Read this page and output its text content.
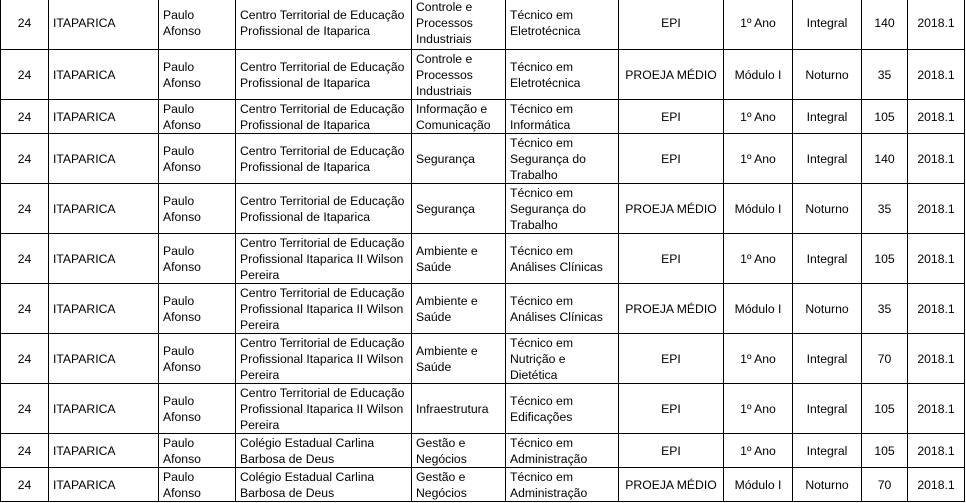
24	ITAPARICA	Paulo Afonso	Centro Territorial de Educação Profissional de Itaparica	Controle e Processos Industriais	Técnico em Eletrotécnica	EPI	1º Ano	Integral	140	2018.1
24	ITAPARICA	Paulo Afonso	Centro Territorial de Educação Profissional de Itaparica	Controle e Processos Industriais	Técnico em Eletrotécnica	PROEJA MÉDIO	Módulo I	Noturno	35	2018.1
24	ITAPARICA	Paulo Afonso	Centro Territorial de Educação Profissional de Itaparica	Informação e Comunicação	Técnico em Informática	EPI	1º Ano	Integral	105	2018.1
24	ITAPARICA	Paulo Afonso	Centro Territorial de Educação Profissional de Itaparica	Segurança	Técnico em Segurança do Trabalho	EPI	1º Ano	Integral	140	2018.1
24	ITAPARICA	Paulo Afonso	Centro Territorial de Educação Profissional de Itaparica	Segurança	Técnico em Segurança do Trabalho	PROEJA MÉDIO	Módulo I	Noturno	35	2018.1
24	ITAPARICA	Paulo Afonso	Centro Territorial de Educação Profissional Itaparica II Wilson Pereira	Ambiente e Saúde	Técnico em Análises Clínicas	EPI	1º Ano	Integral	105	2018.1
24	ITAPARICA	Paulo Afonso	Centro Territorial de Educação Profissional Itaparica II Wilson Pereira	Ambiente e Saúde	Técnico em Análises Clínicas	PROEJA MÉDIO	Módulo I	Noturno	35	2018.1
24	ITAPARICA	Paulo Afonso	Centro Territorial de Educação Profissional Itaparica II Wilson Pereira	Ambiente e Saúde	Técnico em Nutrição e Dietética	EPI	1º Ano	Integral	70	2018.1
24	ITAPARICA	Paulo Afonso	Centro Territorial de Educação Profissional Itaparica II Wilson Pereira	Infraestrutura	Técnico em Edificações	EPI	1º Ano	Integral	105	2018.1
24	ITAPARICA	Paulo Afonso	Colégio Estadual Carlina Barbosa de Deus	Gestão e Negócios	Técnico em Administração	EPI	1º Ano	Integral	105	2018.1
24	ITAPARICA	Paulo Afonso	Colégio Estadual Carlina Barbosa de Deus	Gestão e Negócios	Técnico em Administração	PROEJA MÉDIO	Módulo I	Noturno	70	2018.1
